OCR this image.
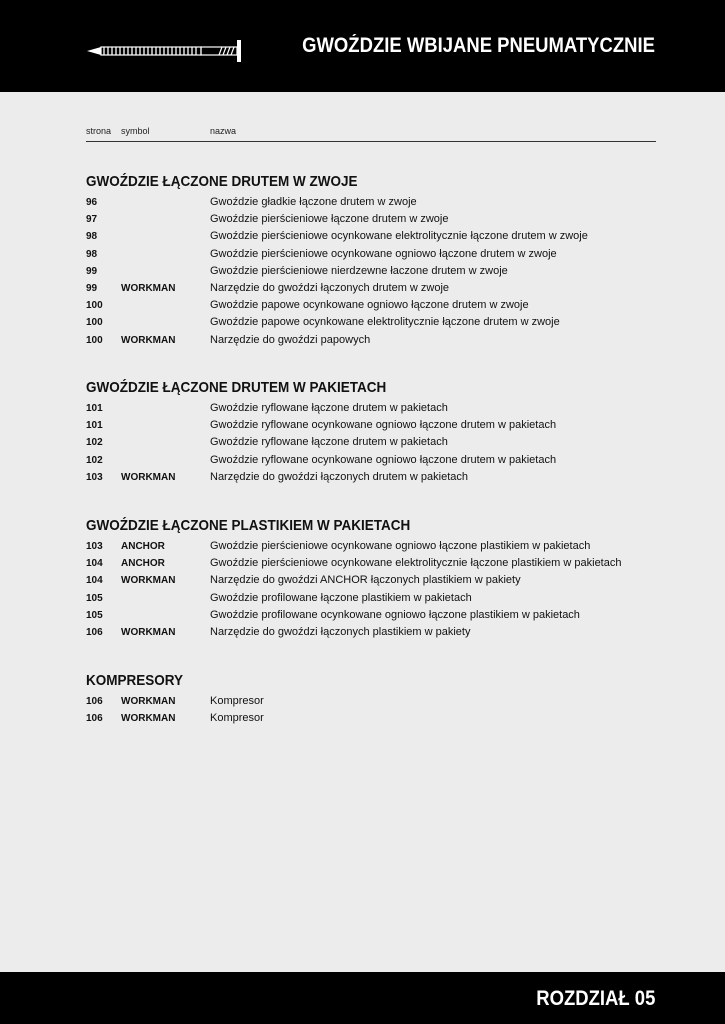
GWOŹDZIE WBIJANE PNEUMATYCZNIE
strona symbol	nazwa
GWOŹDZIE ŁĄCZONE DRUTEM W ZWOJE
96	Gwoździe gładkie łączone drutem w zwoje
97	Gwoździe pierścieniowe łączone drutem w zwoje
98	Gwoździe pierścieniowe ocynkowane elektrolitycznie łączone drutem w zwoje
98	Gwoździe pierścieniowe ocynkowane ogniowo łączone drutem w zwoje
99	Gwoździe pierścieniowe nierdzewne łaczone drutem w zwoje
99 WORKMAN	Narzędzie do gwoździ łączonych drutem w zwoje
100	Gwoździe papowe ocynkowane ogniowo łączone drutem w zwoje
100	Gwoździe papowe ocynkowane elektrolitycznie łączone drutem w zwoje
100 WORKMAN	Narzędzie do gwoździ papowych
GWOŹDZIE ŁĄCZONE DRUTEM W PAKIETACH
101	Gwoździe ryflowane łączone drutem w pakietach
101	Gwoździe ryflowane ocynkowane ogniowo łączone drutem w pakietach
102	Gwoździe ryflowane łączone drutem w pakietach
102	Gwoździe ryflowane ocynkowane ogniowo łączone drutem w pakietach
103 WORKMAN	Narzędzie do gwoździ łączonych drutem w pakietach
GWOŹDZIE ŁĄCZONE PLASTIKIEM W PAKIETACH
103 ANCHOR	Gwoździe pierścieniowe ocynkowane ogniowo łączone plastikiem w pakietach
104 ANCHOR	Gwoździe pierścieniowe ocynkowane elektrolitycznie łączone plastikiem w pakietach
104 WORKMAN	Narzędzie do gwoździ ANCHOR łączonych plastikiem w pakiety
105	Gwoździe profilowane łączone plastikiem w pakietach
105	Gwoździe profilowane ocynkowane ogniowo łączone plastikiem w pakietach
106 WORKMAN	Narzędzie do gwoździ łączonych plastikiem w pakiety
KOMPRESORY
106 WORKMAN	Kompresor
106 WORKMAN	Kompresor
ROZDZIAŁ 05
